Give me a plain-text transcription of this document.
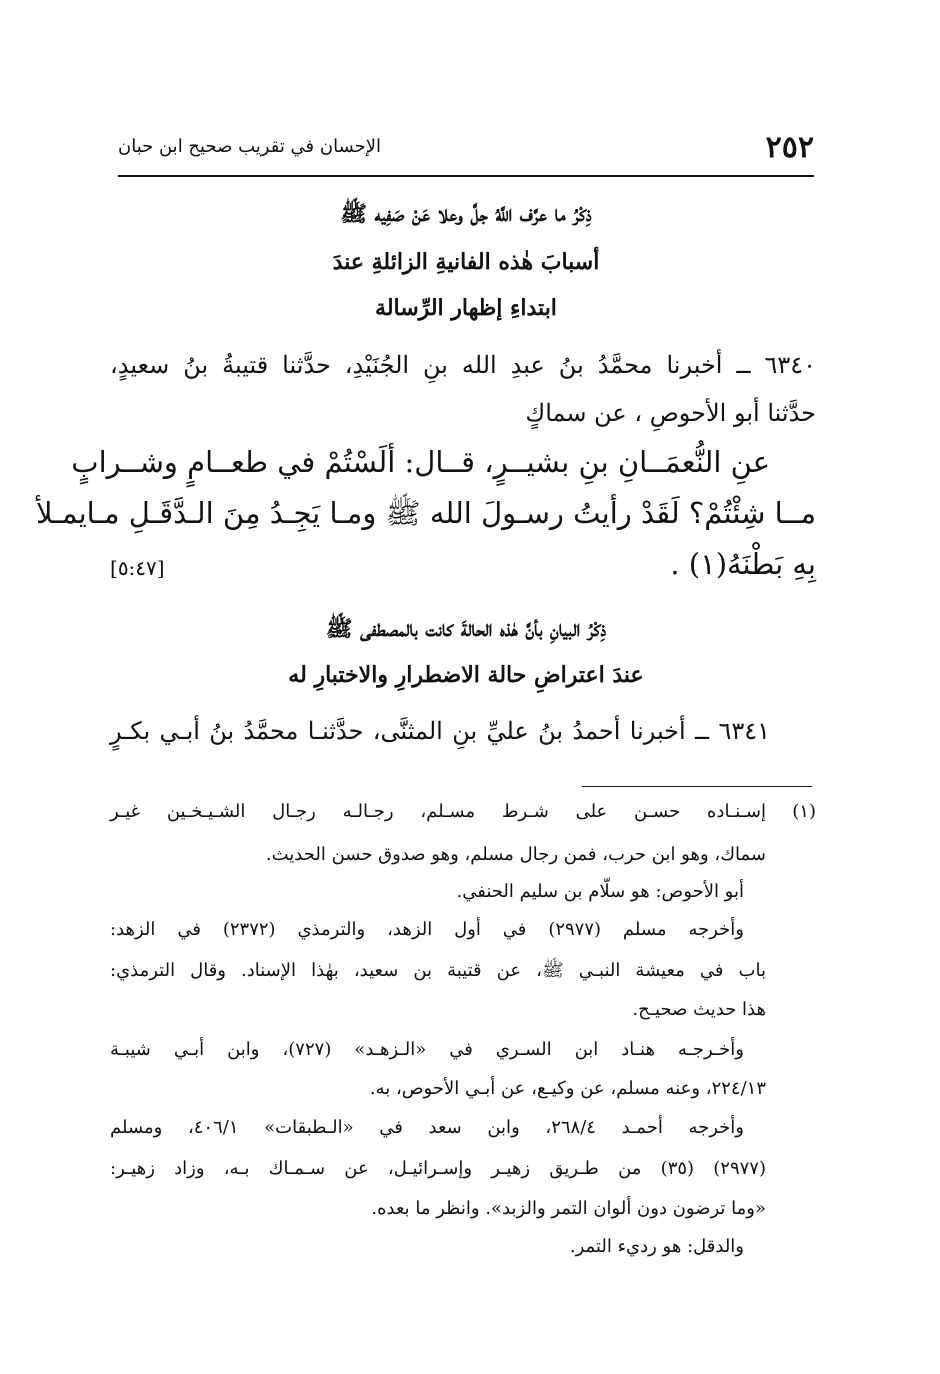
٢٥٢
الإحسان في تقريب صحيح ابن حبان
ذِكْرُ ما عرَّف اللَّهُ جلَّ وعلا عَنْ صَفِيه ﷺ
أسبابَ هٰذه الفانيةِ الزائلةِ عندَ
ابتداءِ إظهار الرِّسالة
٦٣٤٠ ــ أخبرنا محمَّدُ بنُ عبدِ الله بنِ الجُنَيْدِ، حدَّثنا قتيبةُ بنُ سعيدٍ،
حدَّثنا أبو الأحوصِ ، عن سماكٍ
عنِ النُّعمَــانِ بنِ بشيــرٍ، قــال: ألَسْتُمْ في طعــامٍ وشــرابٍ
مــا شِئْتُمْ؟ لَقَدْ رأيتُ رسـولَ الله ﷺ ومـا يَجِـدُ مِنَ الـدَّقَـلِ مـايمـلأ
بِهِ بَطْنَهُ(١) .
[٥:٤٧]
ذِكْرُ البيانِ بأنَّ هٰذه الحالةَ كانت بالمصطفى ﷺ
عندَ اعتراضِ حالة الاضطرارِ والاختبارِ له
٦٣٤١ ــ أخبرنا أحمدُ بنُ عليِّ بنِ المثنَّى، حدَّثنـا محمَّدُ بنُ أبـي بكـرٍ
(١)
إسـنـاده حسـن على شـرط مسـلم، رجـالـه رجـال الشـيـخـين غيـر
سماك، وهو ابن حرب، فمن رجال مسلم، وهو صدوق حسن الحديث.
أبو الأحوص: هو سلّام بن سليم الحنفي.
وأخرجه مسلم (٢٩٧٧) في أول الزهد، والترمذي (٢٣٧٢) في الزهد:
باب في معيشة النبـي ﷺ، عن قتيبة بن سعيد، بهٰذا الإسناد. وقال الترمذي:
هذا حديث صحيـح.
وأخـرجـه هنـاد ابن السـري في «الـزهـد» (٧٢٧)، وابن أبـي شيبـة
٢٢٤/١٣، وعنه مسلم، عن وكيـع، عن أبـي الأحوص، به.
وأخرجه أحمـد ٢٦٨/٤، وابن سعد في «الـطبقات» ٤٠٦/١، ومسلم
(٢٩٧٧) (٣٥) من طـريق زهيـر وإسـرائيـل، عن سـمـاك بـه، وزاد زهيـر:
«وما ترضون دون ألوان التمر والزبد». وانظر ما بعده.
والدقل: هو رديء التمر.
